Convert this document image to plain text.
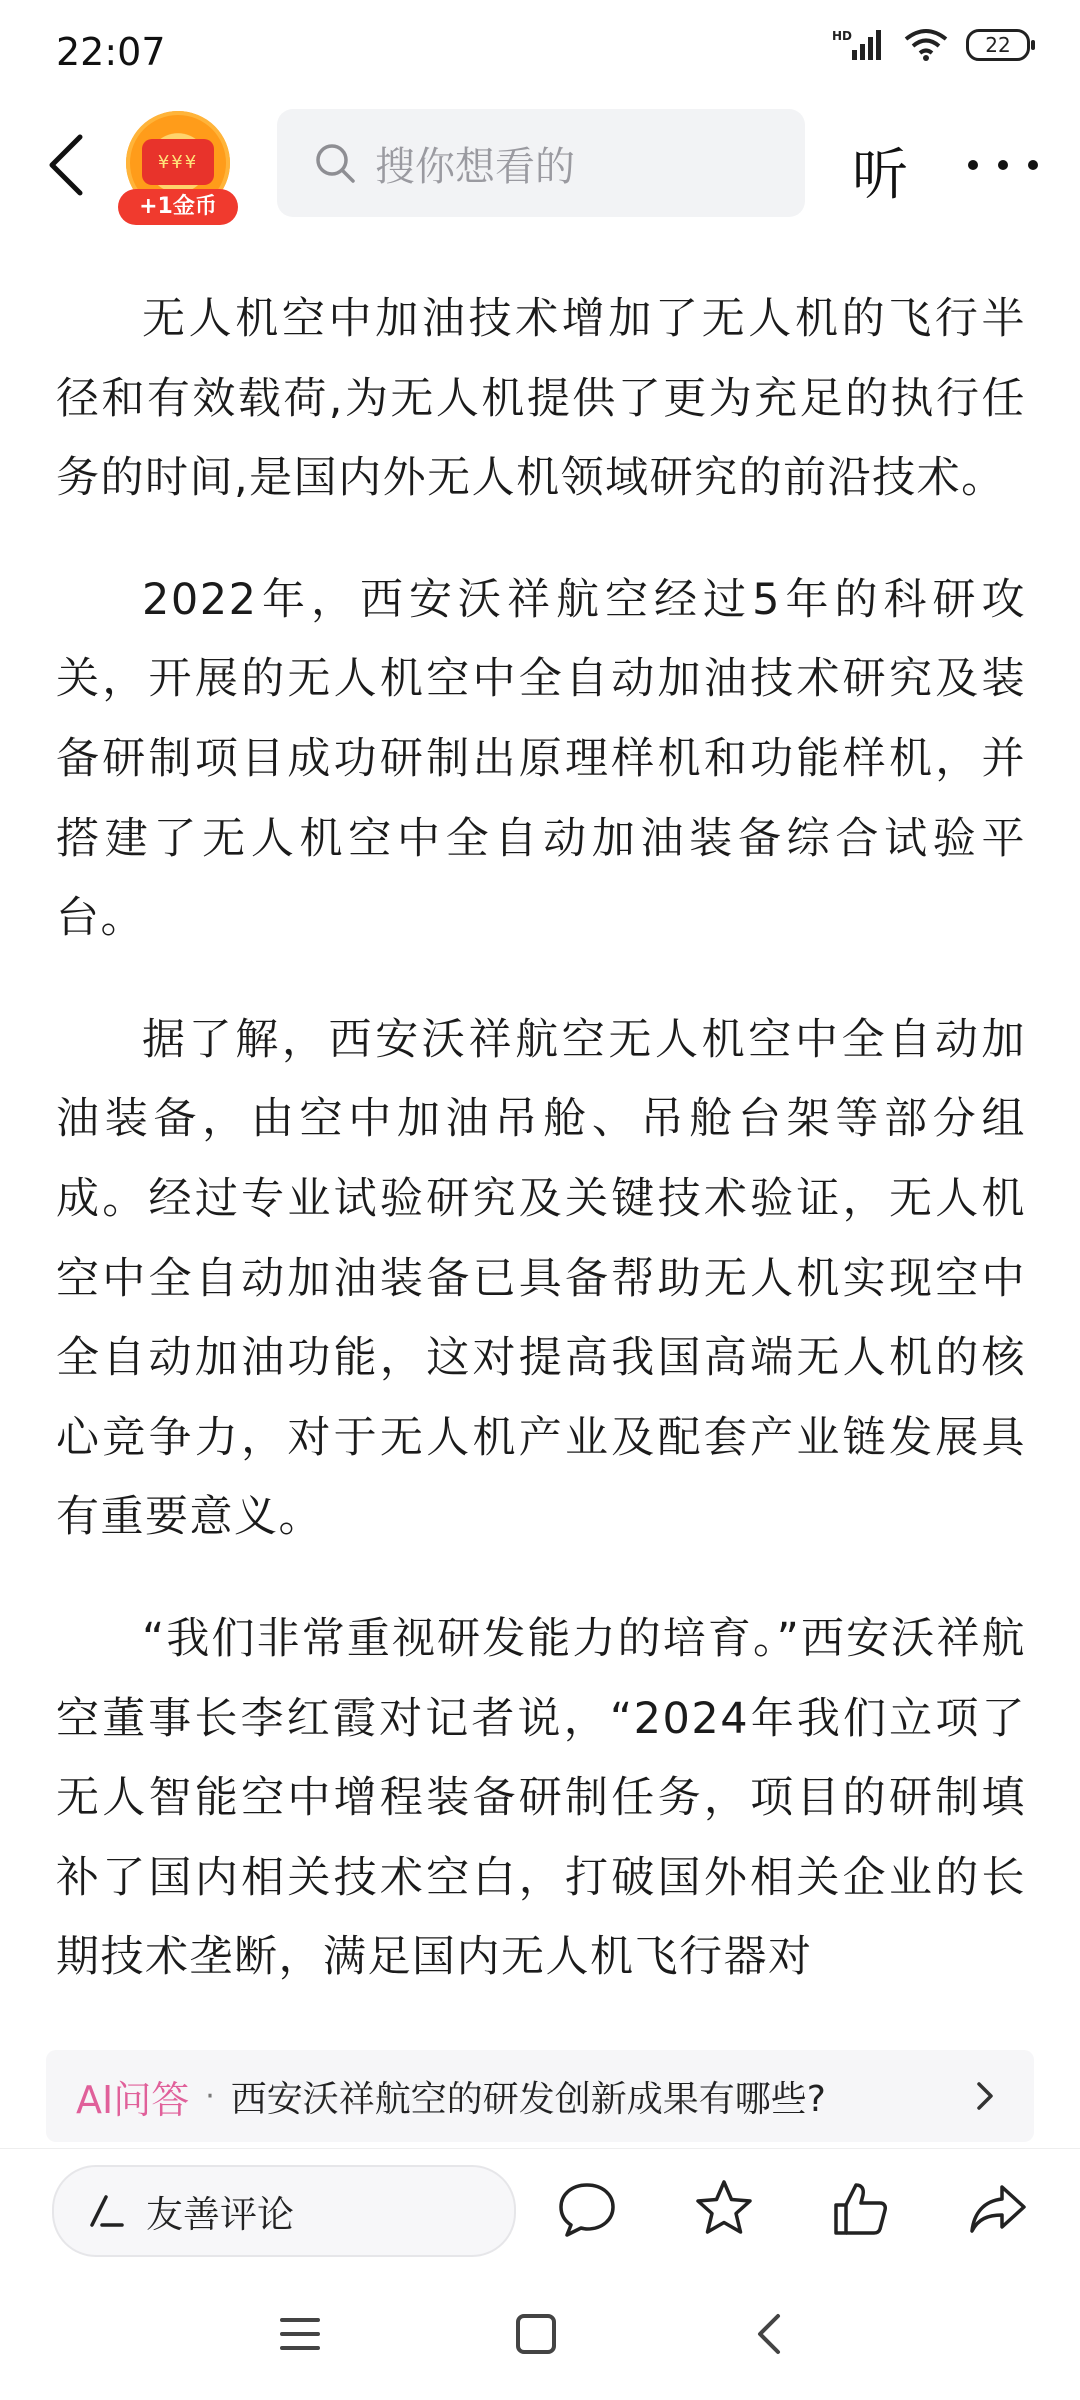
22:07	HD	22
¥¥¥
+1金币
搜你想看的	听

无人机空中加油技术增加了无人机的飞行半径和有效载荷,为无人机提供了更为充足的执行任务的时间,是国内外无人机领域研究的前沿技术。

2022年，西安沃祥航空经过5年的科研攻关，开展的无人机空中全自动加油技术研究及装备研制项目成功研制出原理样机和功能样机，并搭建了无人机空中全自动加油装备综合试验平台。

据了解，西安沃祥航空无人机空中全自动加油装备，由空中加油吊舱、吊舱台架等部分组成。经过专业试验研究及关键技术验证，无人机空中全自动加油装备已具备帮助无人机实现空中全自动加油功能，这对提高我国高端无人机的核心竞争力，对于无人机产业及配套产业链发展具有重要意义。

“我们非常重视研发能力的培育。”西安沃祥航空董事长李红霞对记者说，“2024年我们立项了无人智能空中增程装备研制任务，项目的研制填补了国内相关技术空白，打破国外相关企业的长期技术垄断，满足国内无人机飞行器对

AI问答 · 西安沃祥航空的研发创新成果有哪些?
友善评论
